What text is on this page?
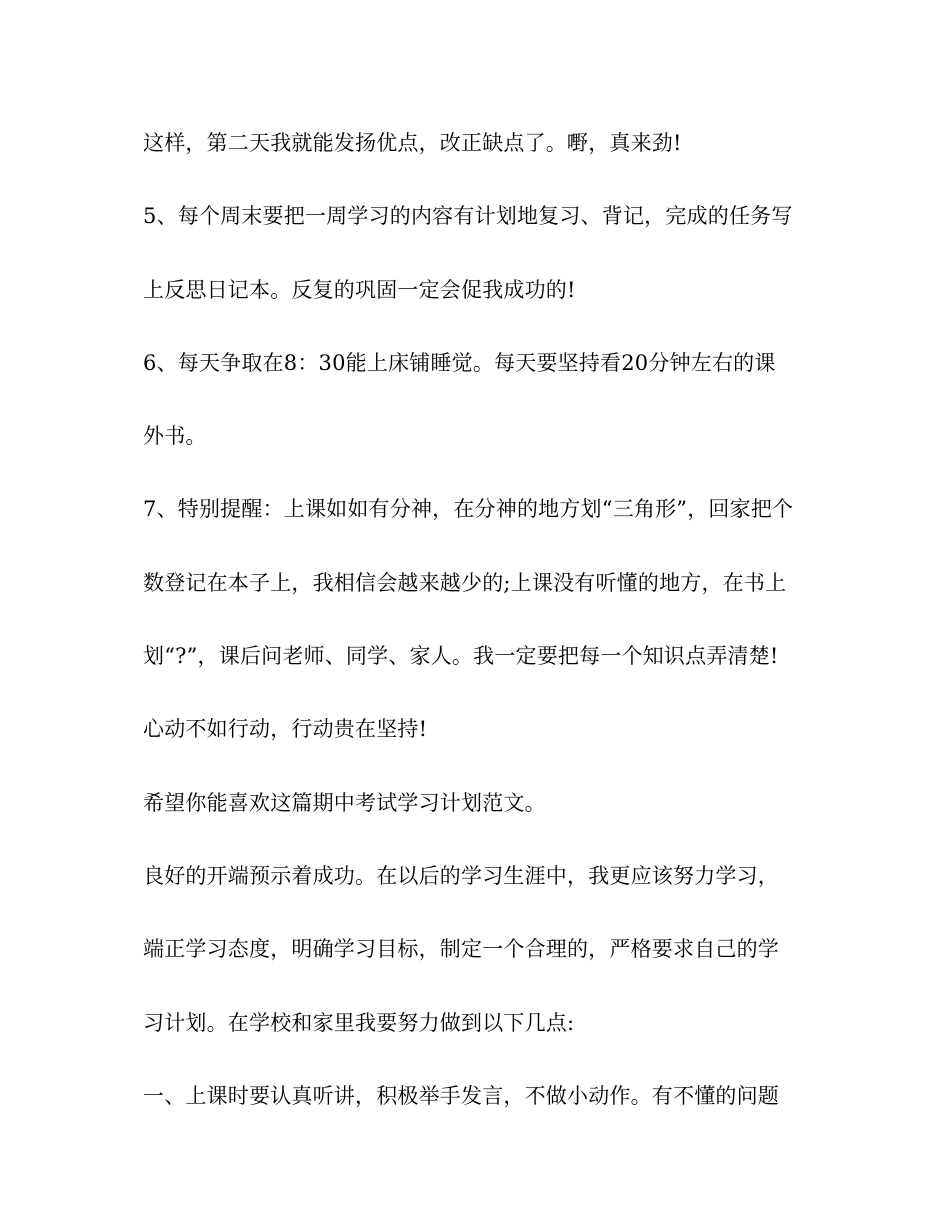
这样，第二天我就能发扬优点，改正缺点了。嘢，真来劲!
5、每个周末要把一周学习的内容有计划地复习、背记，完成的任务写
上反思日记本。反复的巩固一定会促我成功的!
6、每天争取在8：30能上床铺睡觉。每天要坚持看20分钟左右的课
外书。
7、特别提醒：上课如如有分神，在分神的地方划“三角形”，回家把个
数登记在本子上，我相信会越来越少的;上课没有听懂的地方，在书上
划“?”，课后问老师、同学、家人。我一定要把每一个知识点弄清楚!
心动不如行动，行动贵在坚持!
希望你能喜欢这篇期中考试学习计划范文。
良好的开端预示着成功。在以后的学习生涯中，我更应该努力学习，
端正学习态度，明确学习目标，制定一个合理的，严格要求自己的学
习计划。在学校和家里我要努力做到以下几点:
一、上课时要认真听讲，积极举手发言，不做小动作。有不懂的问题
